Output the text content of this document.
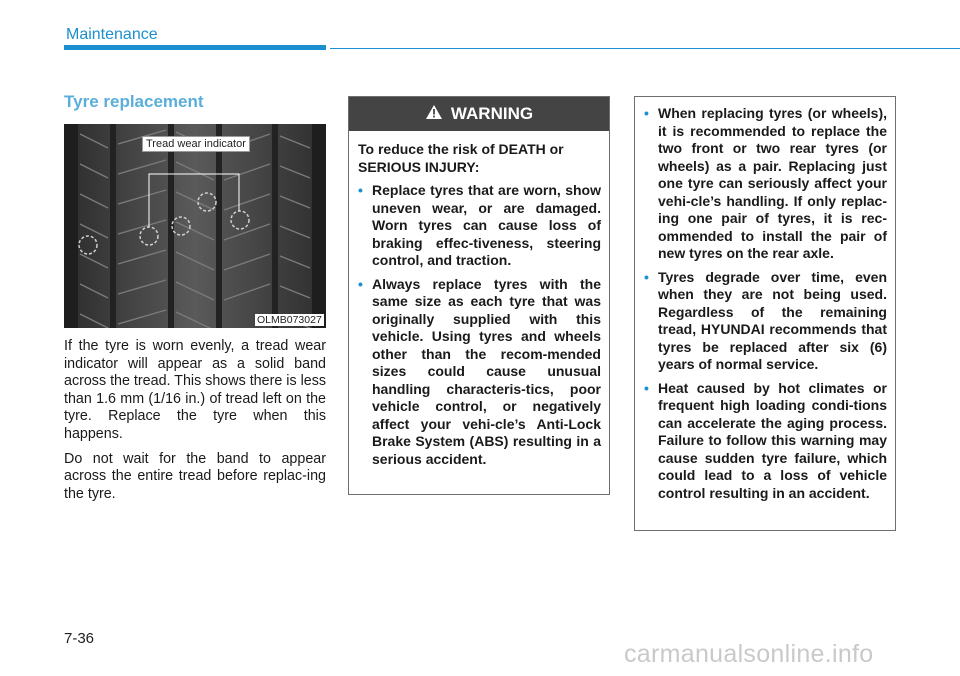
Maintenance
Tyre replacement
Tread wear indicator
OLMB073027

If the tyre is worn evenly, a tread wear indicator will appear as a solid band across the tread. This shows there is less than 1.6 mm (1/16 in.) of tread left on the tyre. Replace the tyre when this happens.

Do not wait for the band to appear across the entire tread before replac-ing the tyre.

WARNING

To reduce the risk of DEATH or SERIOUS INJURY:

• Replace tyres that are worn, show uneven wear, or are damaged. Worn tyres can cause loss of braking effec-tiveness, steering control, and traction.
• Always replace tyres with the same size as each tyre that was originally supplied with this vehicle. Using tyres and wheels other than the recom-mended sizes could cause unusual handling characteris-tics, poor vehicle control, or negatively affect your vehi-cle’s Anti-Lock Brake System (ABS) resulting in a serious accident.
• When replacing tyres (or wheels), it is recommended to replace the two front or two rear tyres (or wheels) as a pair. Replacing just one tyre can seriously affect your vehi-cle’s handling. If only replac-ing one pair of tyres, it is rec-ommended to install the pair of new tyres on the rear axle.
• Tyres degrade over time, even when they are not being used. Regardless of the remaining tread, HYUNDAI recommends that tyres be replaced after six (6) years of normal service.
• Heat caused by hot climates or frequent high loading condi-tions can accelerate the aging process. Failure to follow this warning may cause sudden tyre failure, which could lead to a loss of vehicle control resulting in an accident.
7-36
carmanualsonline.info
